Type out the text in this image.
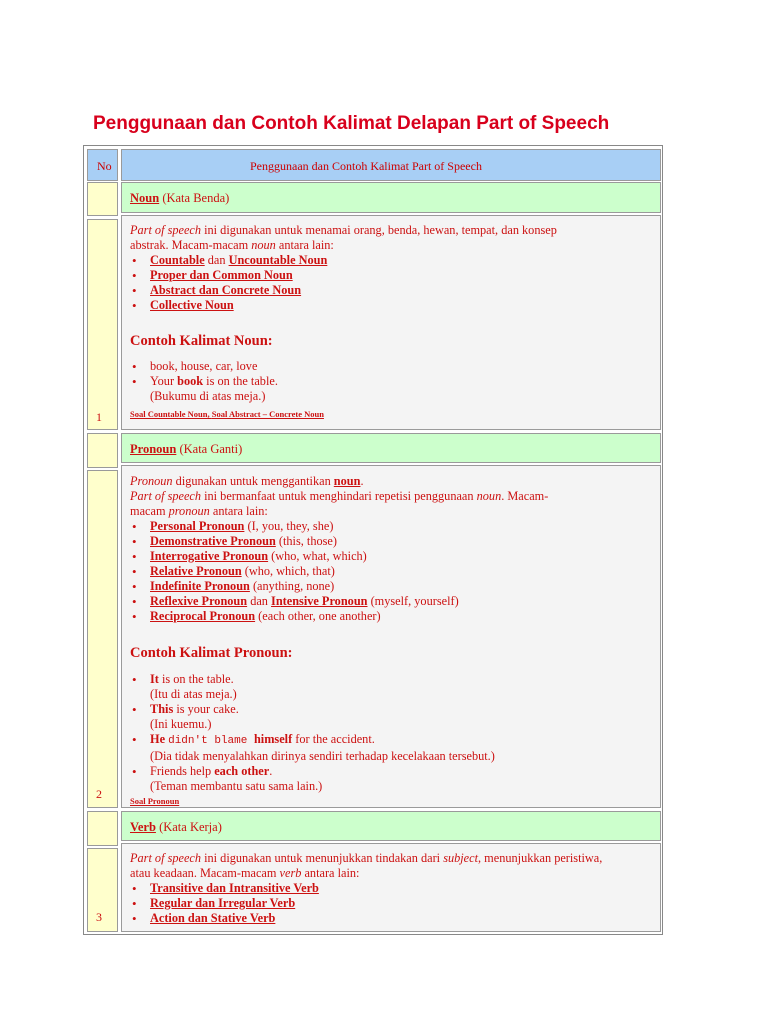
Penggunaan dan Contoh Kalimat Delapan Part of Speech
No	Penggunaan dan Contoh Kalimat Part of Speech
Noun (Kata Benda)
1

Part of speech ini digunakan untuk menamai orang, benda, hewan, tempat, dan konsep
abstrak. Macam-macam noun antara lain:

• Countable dan Uncountable Noun
• Proper dan Common Noun
• Abstract dan Concrete Noun
• Collective Noun

Contoh Kalimat Noun:

• book, house, car, love
• Your book is on the table.
(Bukumu di atas meja.)

Soal Countable Noun, Soal Abstract – Concrete Noun

Pronoun (Kata Ganti)
2

Pronoun digunakan untuk menggantikan noun.
Part of speech ini bermanfaat untuk menghindari repetisi penggunaan noun. Macam-
macam pronoun antara lain:

• Personal Pronoun (I, you, they, she)
• Demonstrative Pronoun (this, those)
• Interrogative Pronoun (who, what, which)
• Relative Pronoun (who, which, that)
• Indefinite Pronoun (anything, none)
• Reflexive Pronoun dan Intensive Pronoun (myself, yourself)
• Reciprocal Pronoun (each other, one another)

Contoh Kalimat Pronoun:

• It is on the table.
(Itu di atas meja.)
• This is your cake.
(Ini kuemu.)
• He didn't blame himself for the accident.
(Dia tidak menyalahkan dirinya sendiri terhadap kecelakaan tersebut.)
• Friends help each other.
(Teman membantu satu sama lain.)

Soal Pronoun

Verb (Kata Kerja)
3

Part of speech ini digunakan untuk menunjukkan tindakan dari subject, menunjukkan peristiwa,
atau keadaan. Macam-macam verb antara lain:

• Transitive dan Intransitive Verb
• Regular dan Irregular Verb
• Action dan Stative Verb
